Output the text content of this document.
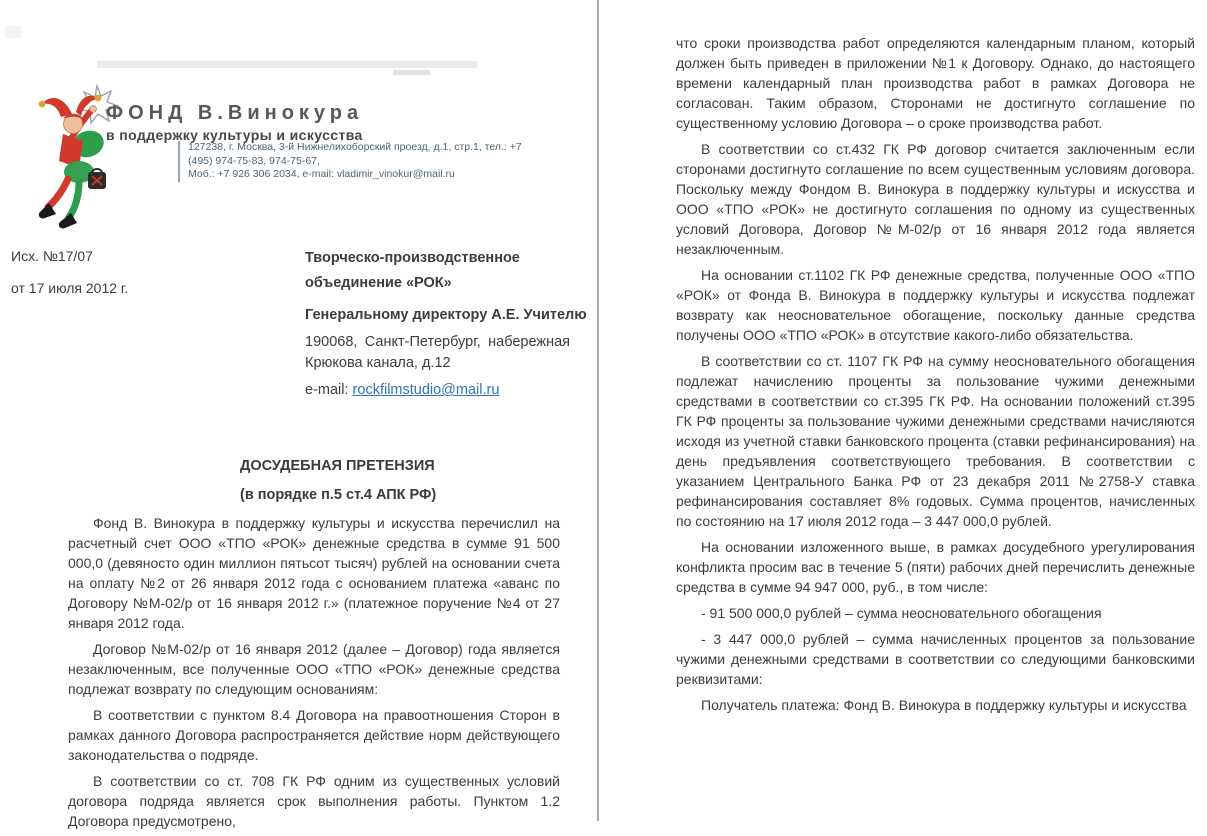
ФОНД В.Винокура
в поддержку культуры и искусства
127238, г. Москва, 3-й Нижнелихоборский проезд, д.1, стр.1, тел.: +7 (495) 974-75-83, 974-75-67,
Моб.: +7 926 306 2034, e-mail: vladimir_vinokur@mail.ru
Исх. №17/07
от 17 июля 2012 г.

Творческо-производственное объединение «РОК»

Генеральному директору А.Е. Учителю

190068, Санкт-Петербург, набережная Крюкова канала, д.12

e-mail: rockfilmstudio@mail.ru

ДОСУДЕБНАЯ ПРЕТЕНЗИЯ
(в порядке п.5 ст.4 АПК РФ)

Фонд В. Винокура в поддержку культуры и искусства перечислил на расчетный счет ООО «ТПО «РОК» денежные средства в сумме 91 500 000,0 (девяносто один миллион пятьсот тысяч) рублей на основании счета на оплату №2 от 26 января 2012 года с основанием платежа «аванс по Договору №М-02/р от 16 января 2012 г.» (платежное поручение №4 от 27 января 2012 года.

Договор №М-02/р от 16 января 2012 (далее – Договор) года является незаключенным, все полученные ООО «ТПО «РОК» денежные средства подлежат возврату по следующим основаниям:

В соответствии с пунктом 8.4 Договора на правоотношения Сторон в рамках данного Договора распространяется действие норм действующего законодательства о подряде.

В соответствии со ст. 708 ГК РФ одним из существенных условий договора подряда является срок выполнения работы. Пунктом 1.2 Договора предусмотрено,

что сроки производства работ определяются календарным планом, который должен быть приведен в приложении №1 к Договору. Однако, до настоящего времени календарный план производства работ в рамках Договора не согласован. Таким образом, Сторонами не достигнуто соглашение по существенному условию Договора – о сроке производства работ.

В соответствии со ст.432 ГК РФ договор считается заключенным если сторонами достигнуто соглашение по всем существенным условиям договора. Поскольку между Фондом В. Винокура в поддержку культуры и искусства и ООО «ТПО «РОК» не достигнуто соглашения по одному из существенных условий Договора, Договор №М-02/р от 16 января 2012 года является незаключенным.

На основании ст.1102 ГК РФ денежные средства, полученные ООО «ТПО «РОК» от Фонда В. Винокура в поддержку культуры и искусства подлежат возврату как неосновательное обогащение, поскольку данные средства получены ООО «ТПО «РОК» в отсутствие какого-либо обязательства.

В соответствии со ст. 1107 ГК РФ на сумму неосновательного обогащения подлежат начислению проценты за пользование чужими денежными средствами в соответствии со ст.395 ГК РФ. На основании положений ст.395 ГК РФ проценты за пользование чужими денежными средствами начисляются исходя из учетной ставки банковского процента (ставки рефинансирования) на день предъявления соответствующего требования. В соответствии с указанием Центрального Банка РФ от 23 декабря 2011 №2758-У ставка рефинансирования составляет 8% годовых. Сумма процентов, начисленных по состоянию на 17 июля 2012 года – 3 447 000,0 рублей.

На основании изложенного выше, в рамках досудебного урегулирования конфликта просим вас в течение 5 (пяти) рабочих дней перечислить денежные средства в сумме 94 947 000, руб., в том числе:

- 91 500 000,0 рублей – сумма неосновательного обогащения

- 3 447 000,0 рублей – сумма начисленных процентов за пользование чужими денежными средствами в соответствии со следующими банковскими реквизитами:

Получатель платежа: Фонд В. Винокура в поддержку культуры и искусства
